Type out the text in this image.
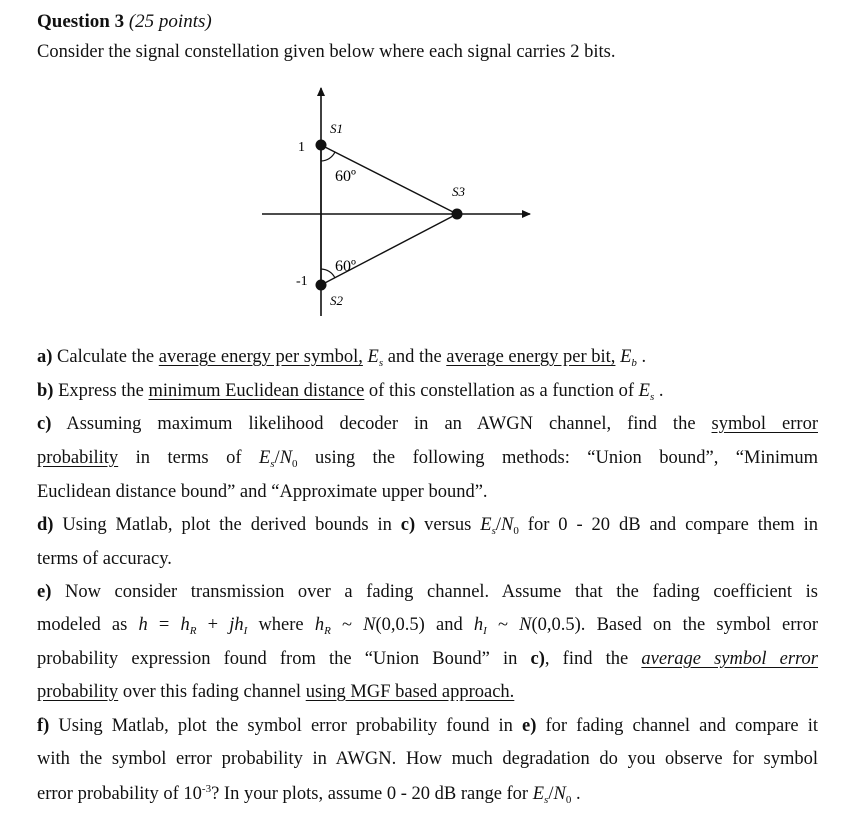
Question 3 (25 points)
Consider the signal constellation given below where each signal carries 2 bits.
S1
S3
S2
1
-1
60º
60º
a) Calculate the average energy per symbol, $E_s$ and the average energy per bit, $E_b$ .
b) Express the minimum Euclidean distance of this constellation as a function of $E_s$ .
c) Assuming maximum likelihood decoder in an AWGN channel, find the symbol error
probability in terms of $E_s/N_0$ using the following methods: “Union bound”, “Minimum
Euclidean distance bound” and “Approximate upper bound”.
d) Using Matlab, plot the derived bounds in c) versus $E_s/N_0$ for 0 - 20 dB and compare them in
terms of accuracy.
e) Now consider transmission over a fading channel. Assume that the fading coefficient is
modeled as $h = h_R + jh_I$ where $h_R$ ~ N(0,0.5) and $h_I$ ~ N(0,0.5). Based on the symbol error
probability expression found from the “Union Bound” in c), find the average symbol error
probability over this fading channel using MGF based approach.
f) Using Matlab, plot the symbol error probability found in e) for fading channel and compare it
with the symbol error probability in AWGN. How much degradation do you observe for symbol
error probability of $10^{-3}$? In your plots, assume 0 - 20 dB range for $E_s/N_0$ .
